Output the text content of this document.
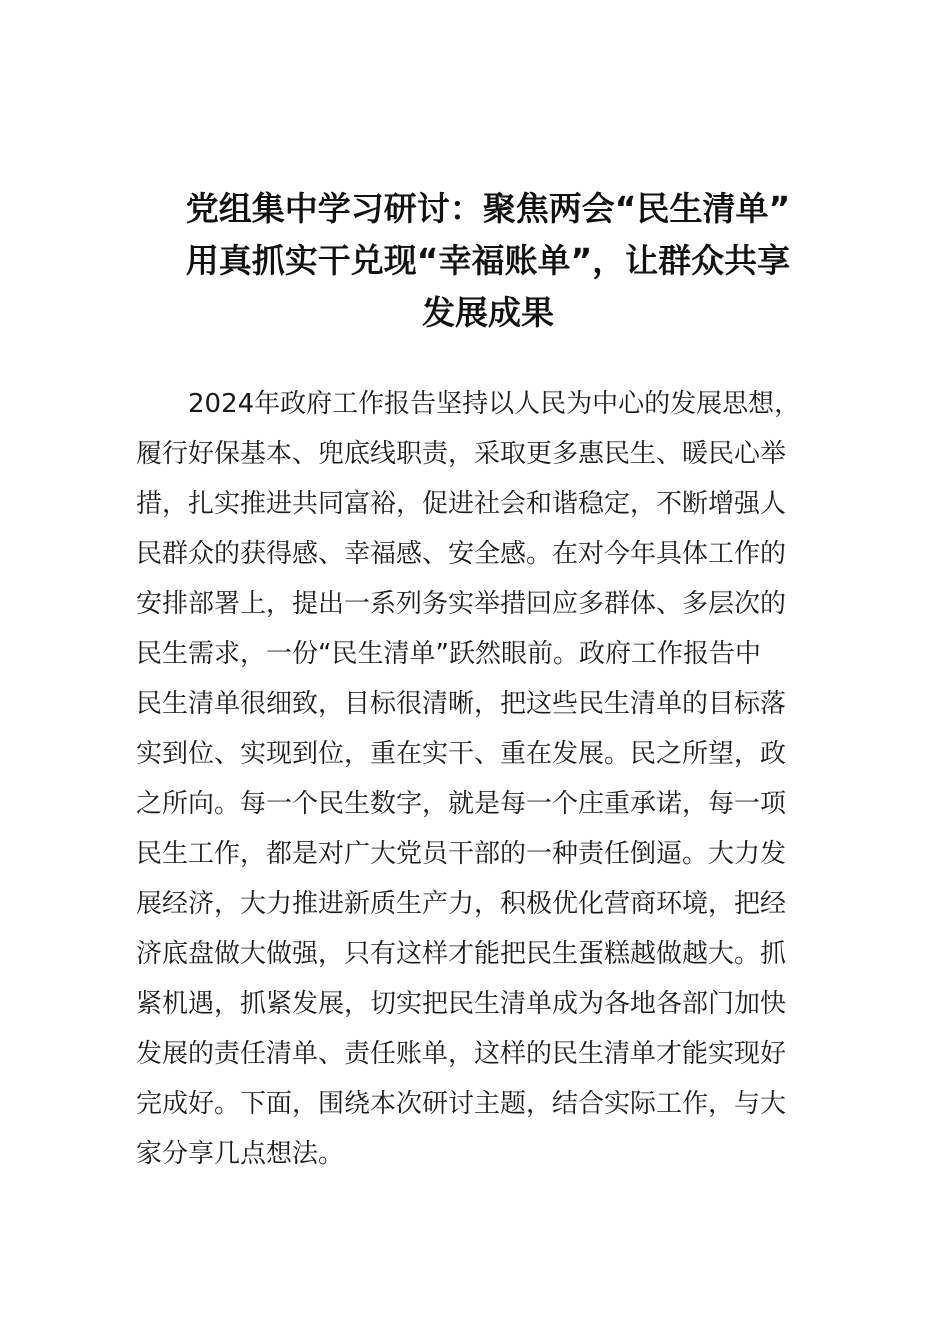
党组集中学习研讨：聚焦两会“民生清单”
用真抓实干兑现“幸福账单”，让群众共享
发展成果
2024年政府工作报告坚持以人民为中心的发展思想，
履行好保基本、兜底线职责，采取更多惠民生、暖民心举
措，扎实推进共同富裕，促进社会和谐稳定，不断增强人
民群众的获得感、幸福感、安全感。在对今年具体工作的
安排部署上，提出一系列务实举措回应多群体、多层次的
民生需求，一份“民生清单”跃然眼前。政府工作报告中
民生清单很细致，目标很清晰，把这些民生清单的目标落
实到位、实现到位，重在实干、重在发展。民之所望，政
之所向。每一个民生数字，就是每一个庄重承诺，每一项
民生工作，都是对广大党员干部的一种责任倒逼。大力发
展经济，大力推进新质生产力，积极优化营商环境，把经
济底盘做大做强，只有这样才能把民生蛋糕越做越大。抓
紧机遇，抓紧发展，切实把民生清单成为各地各部门加快
发展的责任清单、责任账单，这样的民生清单才能实现好
完成好。下面，围绕本次研讨主题，结合实际工作，与大
家分享几点想法。
